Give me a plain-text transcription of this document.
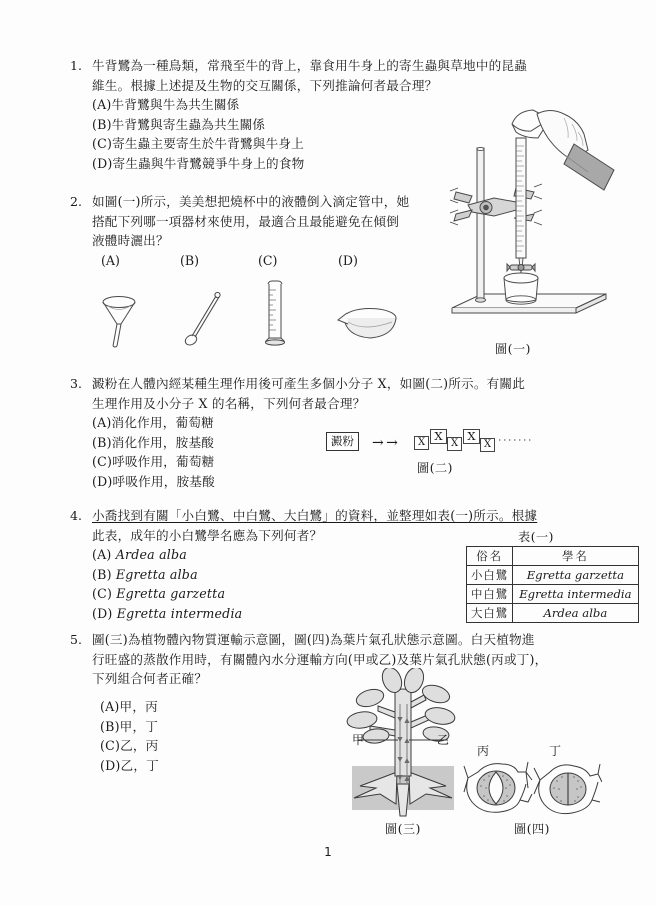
1. 牛背鷺為一種鳥類，常飛至牛的背上，靠食用牛身上的寄生蟲與草地中的昆蟲
維生。根據上述提及生物的交互關係，下列推論何者最合理？
(A)牛背鷺與牛為共生關係
(B)牛背鷺與寄生蟲為共生關係
(C)寄生蟲主要寄生於牛背鷺與牛身上
(D)寄生蟲與牛背鷺競爭牛身上的食物
2. 如圖(一)所示，美美想把燒杯中的液體倒入滴定管中，她
搭配下列哪一項器材來使用，最適合且最能避免在傾倒
液體時灑出？
(A)	(B)	(C)	(D)
圖(一)
3. 澱粉在人體內經某種生理作用後可產生多個小分子 X，如圖(二)所示。有關此
生理作用及小分子 X 的名稱，下列何者最合理？
(A)消化作用，葡萄糖
(B)消化作用，胺基酸
(C)呼吸作用，葡萄糖
(D)呼吸作用，胺基酸
澱粉	→ →	X X
X
X
X ‧‧‧‧‧‧‧
圖(二)
4. 小喬找到有關「小白鷺、中白鷺、大白鷺」的資料，並整理如表(一)所示。根據
此表，成年的小白鷺學名應為下列何者？
(A) Ardea alba
(B) Egretta alba
(C) Egretta garzetta
(D) Egretta intermedia
表(一)
俗名	學名
小白鷺	Egretta garzetta
中白鷺	Egretta intermedia
大白鷺	Ardea alba
5. 圖(三)為植物體內物質運輸示意圖，圖(四)為葉片氣孔狀態示意圖。白天植物進
行旺盛的蒸散作用時，有關體內水分運輸方向(甲或乙)及葉片氣孔狀態(丙或丁)，
下列組合何者正確？
(A)甲，丙
(B)甲，丁
(C)乙，丙
(D)乙，丁
甲	乙
圖(三)
丙	丁
圖(四)
1
